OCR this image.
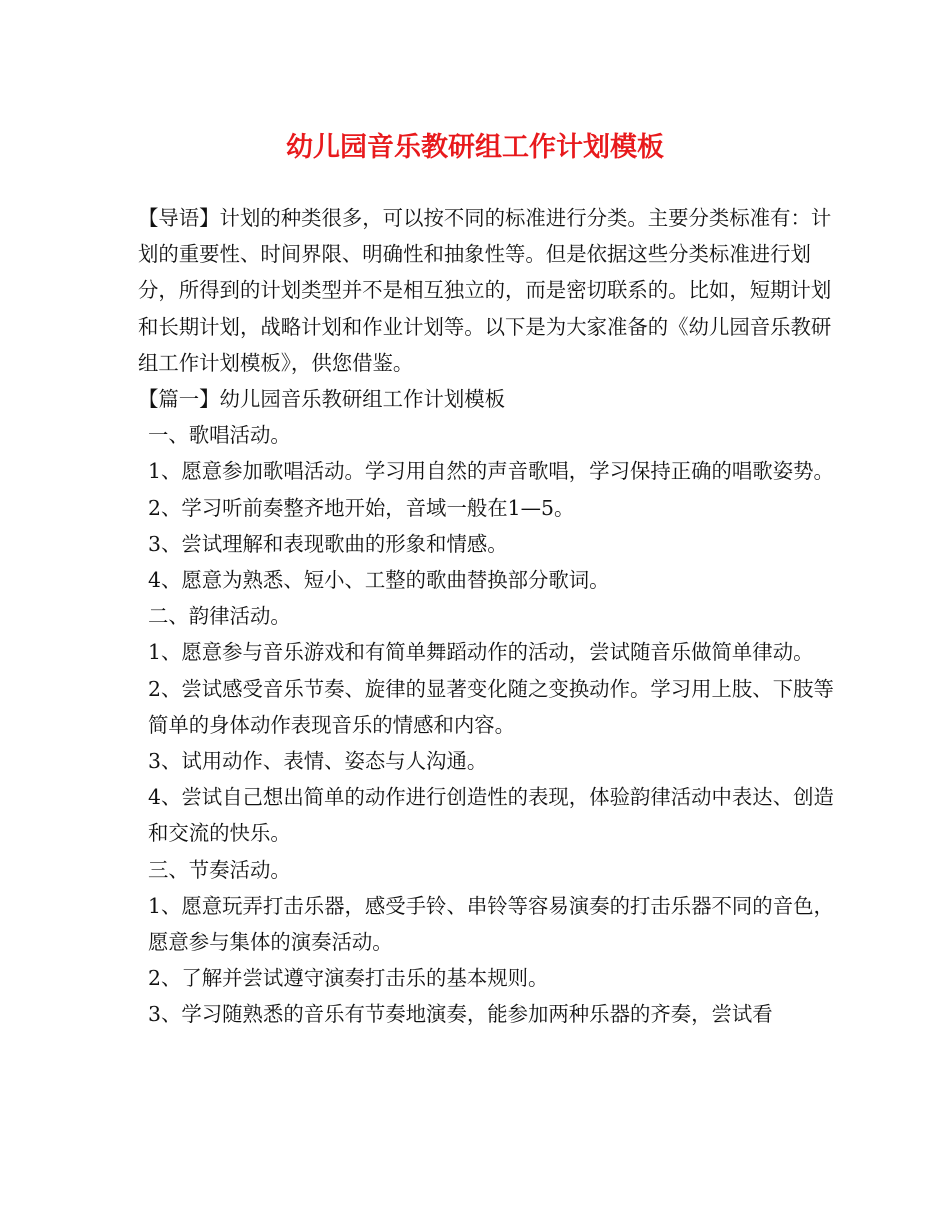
幼儿园音乐教研组工作计划模板

【导语】计划的种类很多，可以按不同的标准进行分类。主要分类标准有：计划的重要性、时间界限、明确性和抽象性等。但是依据这些分类标准进行划分，所得到的计划类型并不是相互独立的，而是密切联系的。比如，短期计划和长期计划，战略计划和作业计划等。以下是为大家准备的《幼儿园音乐教研组工作计划模板》，供您借鉴。

【篇一】幼儿园音乐教研组工作计划模板

一、歌唱活动。

1、愿意参加歌唱活动。学习用自然的声音歌唱，学习保持正确的唱歌姿势。

2、学习听前奏整齐地开始，音域一般在1—5。

3、尝试理解和表现歌曲的形象和情感。

4、愿意为熟悉、短小、工整的歌曲替换部分歌词。

二、韵律活动。

1、愿意参与音乐游戏和有简单舞蹈动作的活动，尝试随音乐做简单律动。

2、尝试感受音乐节奏、旋律的显著变化随之变换动作。学习用上肢、下肢等简单的身体动作表现音乐的情感和内容。

3、试用动作、表情、姿态与人沟通。

4、尝试自己想出简单的动作进行创造性的表现，体验韵律活动中表达、创造和交流的快乐。

三、节奏活动。

1、愿意玩弄打击乐器，感受手铃、串铃等容易演奏的打击乐器不同的音色，愿意参与集体的演奏活动。

2、了解并尝试遵守演奏打击乐的基本规则。

3、学习随熟悉的音乐有节奏地演奏，能参加两种乐器的齐奏，尝试看
